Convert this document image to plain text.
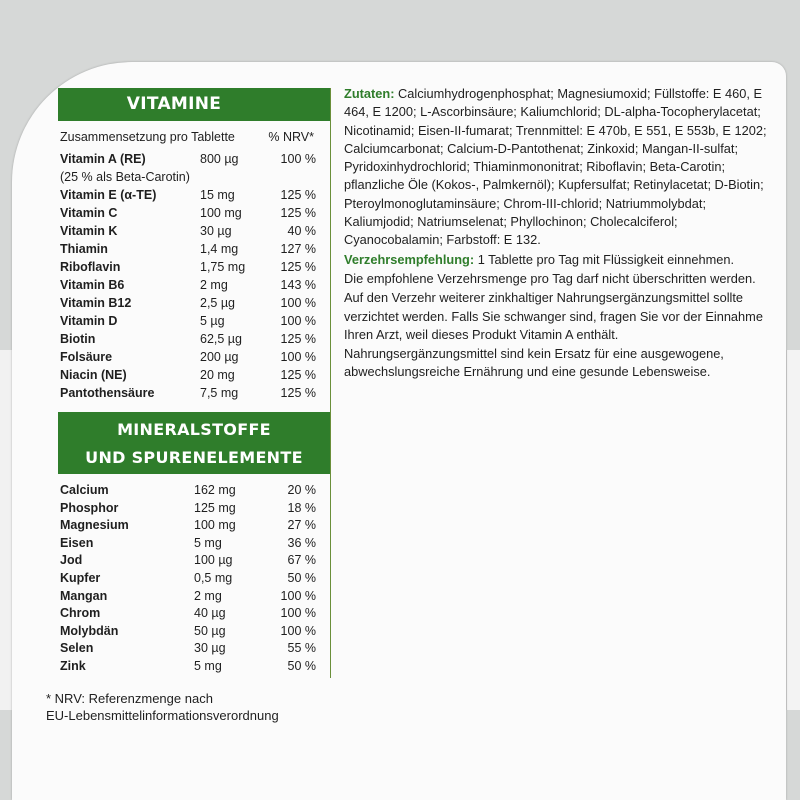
VITAMINE
Zusammensetzung pro Tablette	% NRV*
Vitamin A (RE)	800 µg	100 %
(25 % als Beta-Carotin)
Vitamin E (α-TE)	15 mg	125 %
Vitamin C	100 mg	125 %
Vitamin K	30 µg	40 %
Thiamin	1,4 mg	127 %
Riboflavin	1,75 mg	125 %
Vitamin B6	2 mg	143 %
Vitamin B12	2,5 µg	100 %
Vitamin D	5 µg	100 %
Biotin	62,5 µg	125 %
Folsäure	200 µg	100 %
Niacin (NE)	20 mg	125 %
Pantothensäure	7,5 mg	125 %
MINERALSTOFFE
UND SPURENELEMENTE
Calcium	162 mg	20 %
Phosphor	125 mg	18 %
Magnesium	100 mg	27 %
Eisen	5 mg	36 %
Jod	100 µg	67 %
Kupfer	0,5 mg	50 %
Mangan	2 mg	100 %
Chrom	40 µg	100 %
Molybdän	50 µg	100 %
Selen	30 µg	55 %
Zink	5 mg	50 %
* NRV: Referenzmenge nach
EU-Lebensmittelinformationsverordnung

Zutaten: Calciumhydrogenphosphat; Magnesiumoxid; Füllstoffe: E 460, E 464, E 1200; L-Ascorbinsäure; Kaliumchlorid; DL-alpha-Tocopherylacetat; Nicotinamid; Eisen-II-fumarat; Trennmittel: E 470b, E 551, E 553b, E 1202; Calciumcarbonat; Calcium-D-Pantothenat; Zinkoxid; Mangan-II-sulfat; Pyridoxinhydrochlorid; Thiaminmononitrat; Riboflavin; Beta-Carotin; pflanzliche Öle (Kokos-, Palmkernöl); Kupfersulfat; Retinylacetat; D-Biotin; Pteroylmonoglutaminsäure; Chrom-III-chlorid; Natriummolybdat; Kaliumjodid; Natriumselenat; Phyllochinon; Cholecalciferol; Cyanocobalamin; Farbstoff: E 132.

Verzehrsempfehlung: 1 Tablette pro Tag mit Flüssigkeit einnehmen.

Die empfohlene Verzehrsmenge pro Tag darf nicht überschritten werden.

Auf den Verzehr weiterer zinkhaltiger Nahrungsergänzungsmittel sollte verzichtet werden. Falls Sie schwanger sind, fragen Sie vor der Einnahme Ihren Arzt, weil dieses Produkt Vitamin A enthält.

Nahrungsergänzungsmittel sind kein Ersatz für eine ausgewogene, abwechslungsreiche Ernährung und eine gesunde Lebensweise.
